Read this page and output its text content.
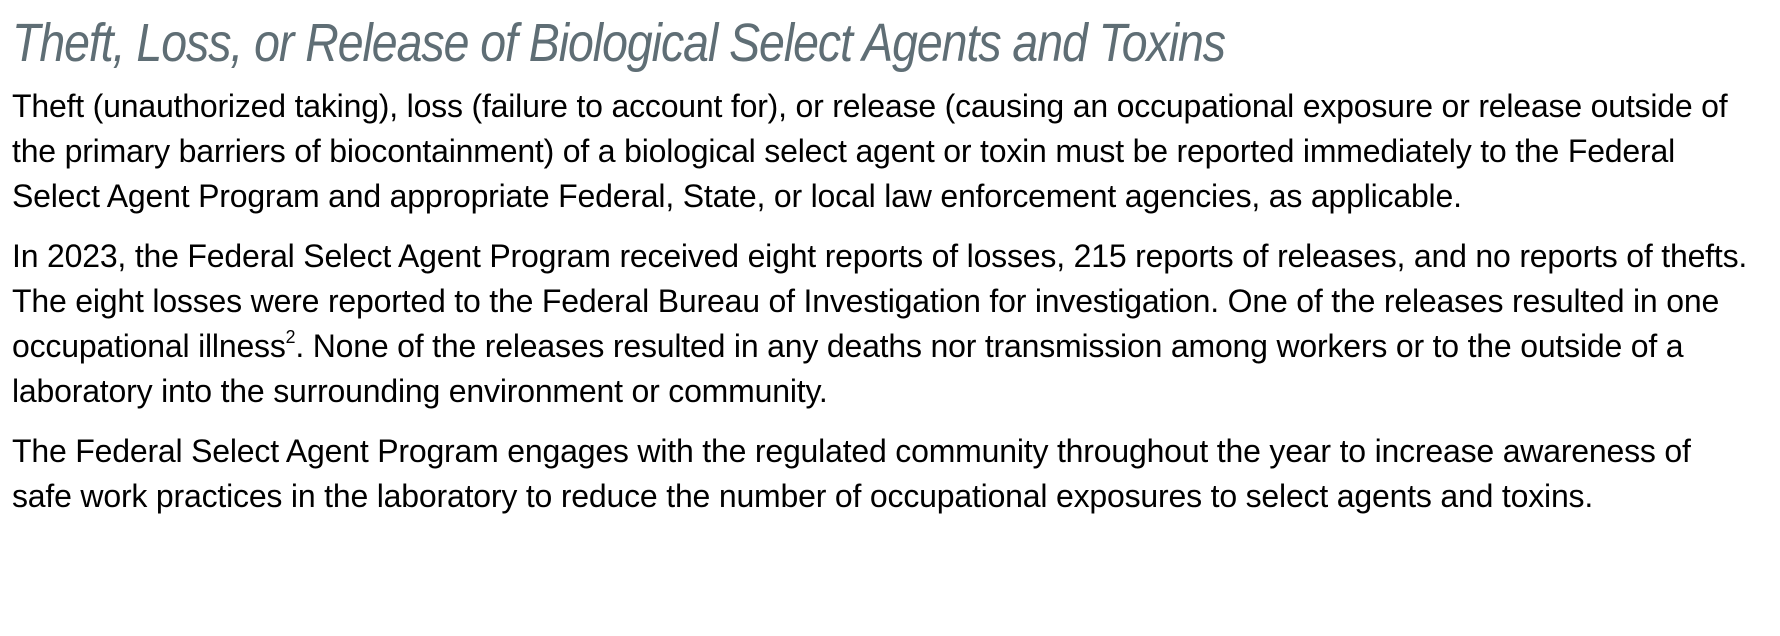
Theft, Loss, or Release of Biological Select Agents and Toxins

Theft (unauthorized taking), loss (failure to account for), or release (causing an occupational exposure or release outside of the primary barriers of biocontainment) of a biological select agent or toxin must be reported immediately to the Federal Select Agent Program and appropriate Federal, State, or local law enforcement agencies, as applicable.

In 2023, the Federal Select Agent Program received eight reports of losses, 215 reports of releases, and no reports of thefts. The eight losses were reported to the Federal Bureau of Investigation for investigation. One of the releases resulted in one occupational illness$^2$. None of the releases resulted in any deaths nor transmission among workers or to the outside of a laboratory into the surrounding environment or community.

The Federal Select Agent Program engages with the regulated community throughout the year to increase awareness of safe work practices in the laboratory to reduce the number of occupational exposures to select agents and toxins.
